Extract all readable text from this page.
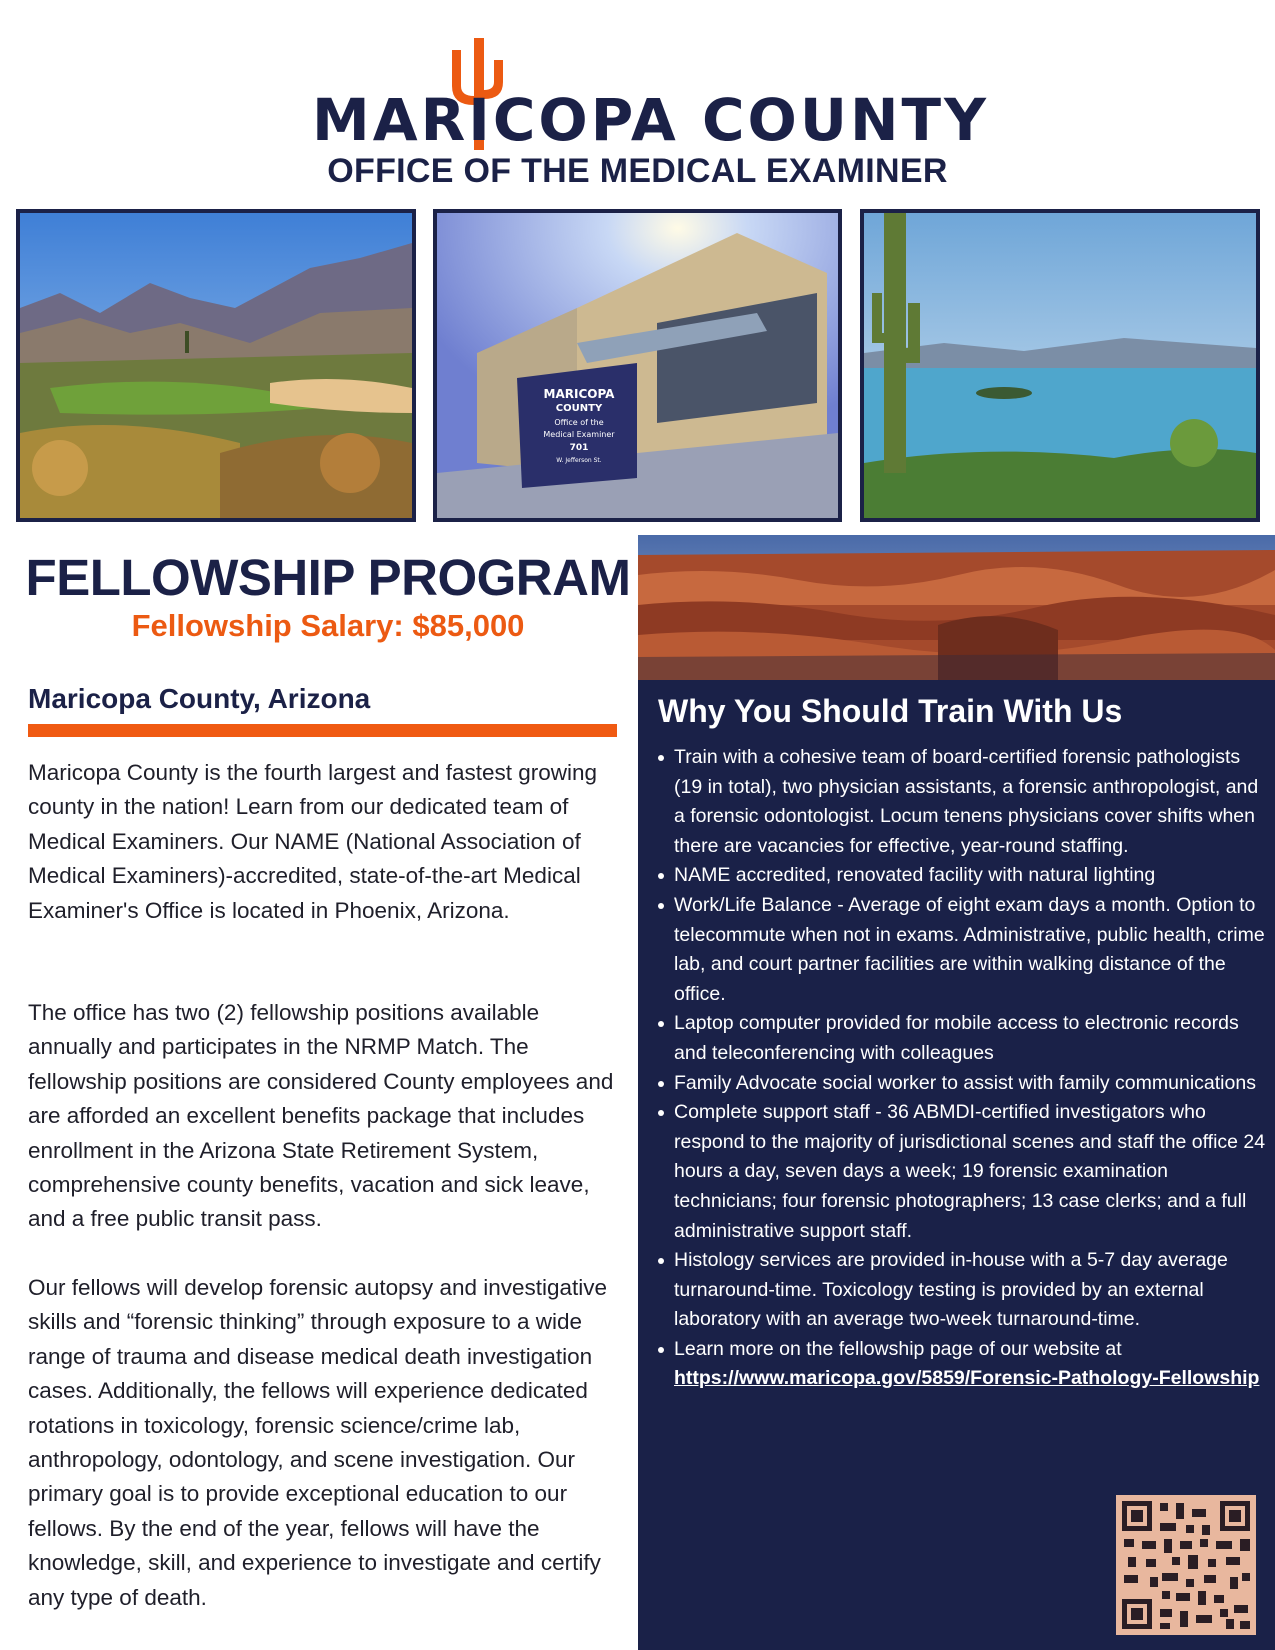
MARICOPA COUNTY
OFFICE OF THE MEDICAL EXAMINER
MARICOPA
COUNTY
Office of the
Medical Examiner
701
W. Jefferson St.
FELLOWSHIP PROGRAM
Fellowship Salary: $85,000
Maricopa County, Arizona

Maricopa County is the fourth largest and fastest growing county in the nation! Learn from our dedicated team of Medical Examiners. Our NAME (National Association of Medical Examiners)-accredited, state-of-the-art Medical Examiner's Office is located in Phoenix, Arizona.

The office has two (2) fellowship positions available annually and participates in the NRMP Match. The fellowship positions are considered County employees and are afforded an excellent benefits package that includes enrollment in the Arizona State Retirement System, comprehensive county benefits, vacation and sick leave, and a free public transit pass.

Our fellows will develop forensic autopsy and investigative skills and “forensic thinking” through exposure to a wide range of trauma and disease medical death investigation cases. Additionally, the fellows will experience dedicated rotations in toxicology, forensic science/crime lab, anthropology, odontology, and scene investigation. Our primary goal is to provide exceptional education to our fellows. By the end of the year, fellows will have the knowledge, skill, and experience to investigate and certify any type of death.

Why You Should Train With Us
Train with a cohesive team of board-certified forensic pathologists (19 in total), two physician assistants, a forensic anthropologist, and a forensic odontologist. Locum tenens physicians cover shifts when there are vacancies for effective, year-round staffing.
NAME accredited, renovated facility with natural lighting
Work/Life Balance - Average of eight exam days a month. Option to telecommute when not in exams. Administrative, public health, crime lab, and court partner facilities are within walking distance of the office.
Laptop computer provided for mobile access to electronic records and teleconferencing with colleagues
Family Advocate social worker to assist with family communications
Complete support staff - 36 ABMDI-certified investigators who respond to the majority of jurisdictional scenes and staff the office 24 hours a day, seven days a week; 19 forensic examination technicians; four forensic photographers; 13 case clerks; and a full administrative support staff.
Histology services are provided in-house with a 5-7 day average turnaround-time. Toxicology testing is provided by an external laboratory with an average two-week turnaround-time.
Learn more on the fellowship page of our website at https://www.maricopa.gov/5859/Forensic-Pathology-Fellowship
